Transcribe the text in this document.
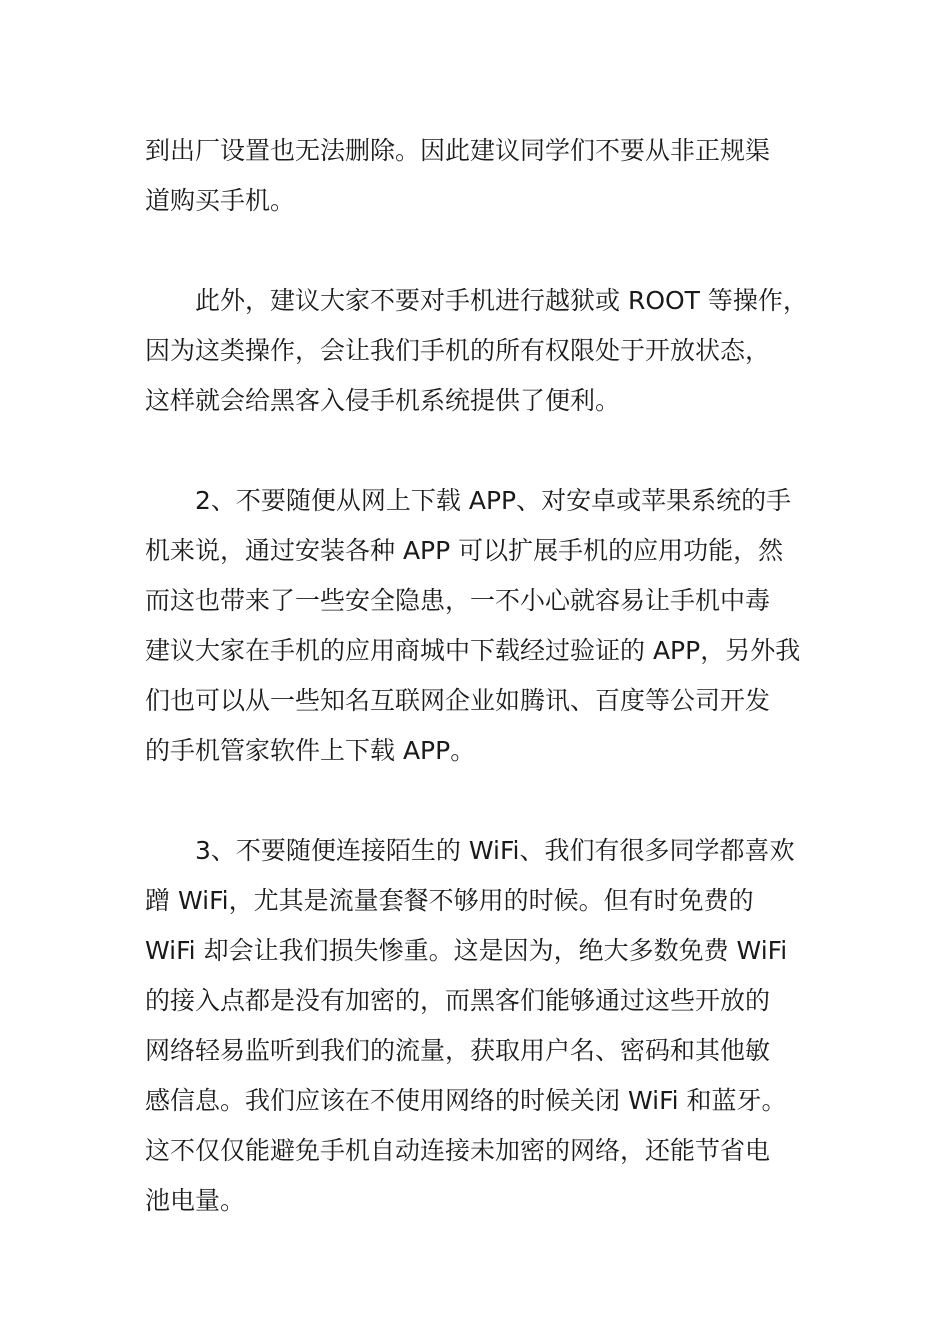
到出厂设置也无法删除。因此建议同学们不要从非正规渠
道购买手机。

此外，建议大家不要对手机进行越狱或 ROOT 等操作，
因为这类操作，会让我们手机的所有权限处于开放状态，
这样就会给黑客入侵手机系统提供了便利。

2、不要随便从网上下载 APP、对安卓或苹果系统的手
机来说，通过安装各种 APP 可以扩展手机的应用功能，然
而这也带来了一些安全隐患，一不小心就容易让手机中毒
建议大家在手机的应用商城中下载经过验证的 APP，另外我
们也可以从一些知名互联网企业如腾讯、百度等公司开发
的手机管家软件上下载 APP。

3、不要随便连接陌生的 WiFi、我们有很多同学都喜欢
蹭 WiFi，尤其是流量套餐不够用的时候。但有时免费的
WiFi 却会让我们损失惨重。这是因为，绝大多数免费 WiFi
的接入点都是没有加密的，而黑客们能够通过这些开放的
网络轻易监听到我们的流量，获取用户名、密码和其他敏
感信息。我们应该在不使用网络的时候关闭 WiFi 和蓝牙。
这不仅仅能避免手机自动连接未加密的网络，还能节省电
池电量。
